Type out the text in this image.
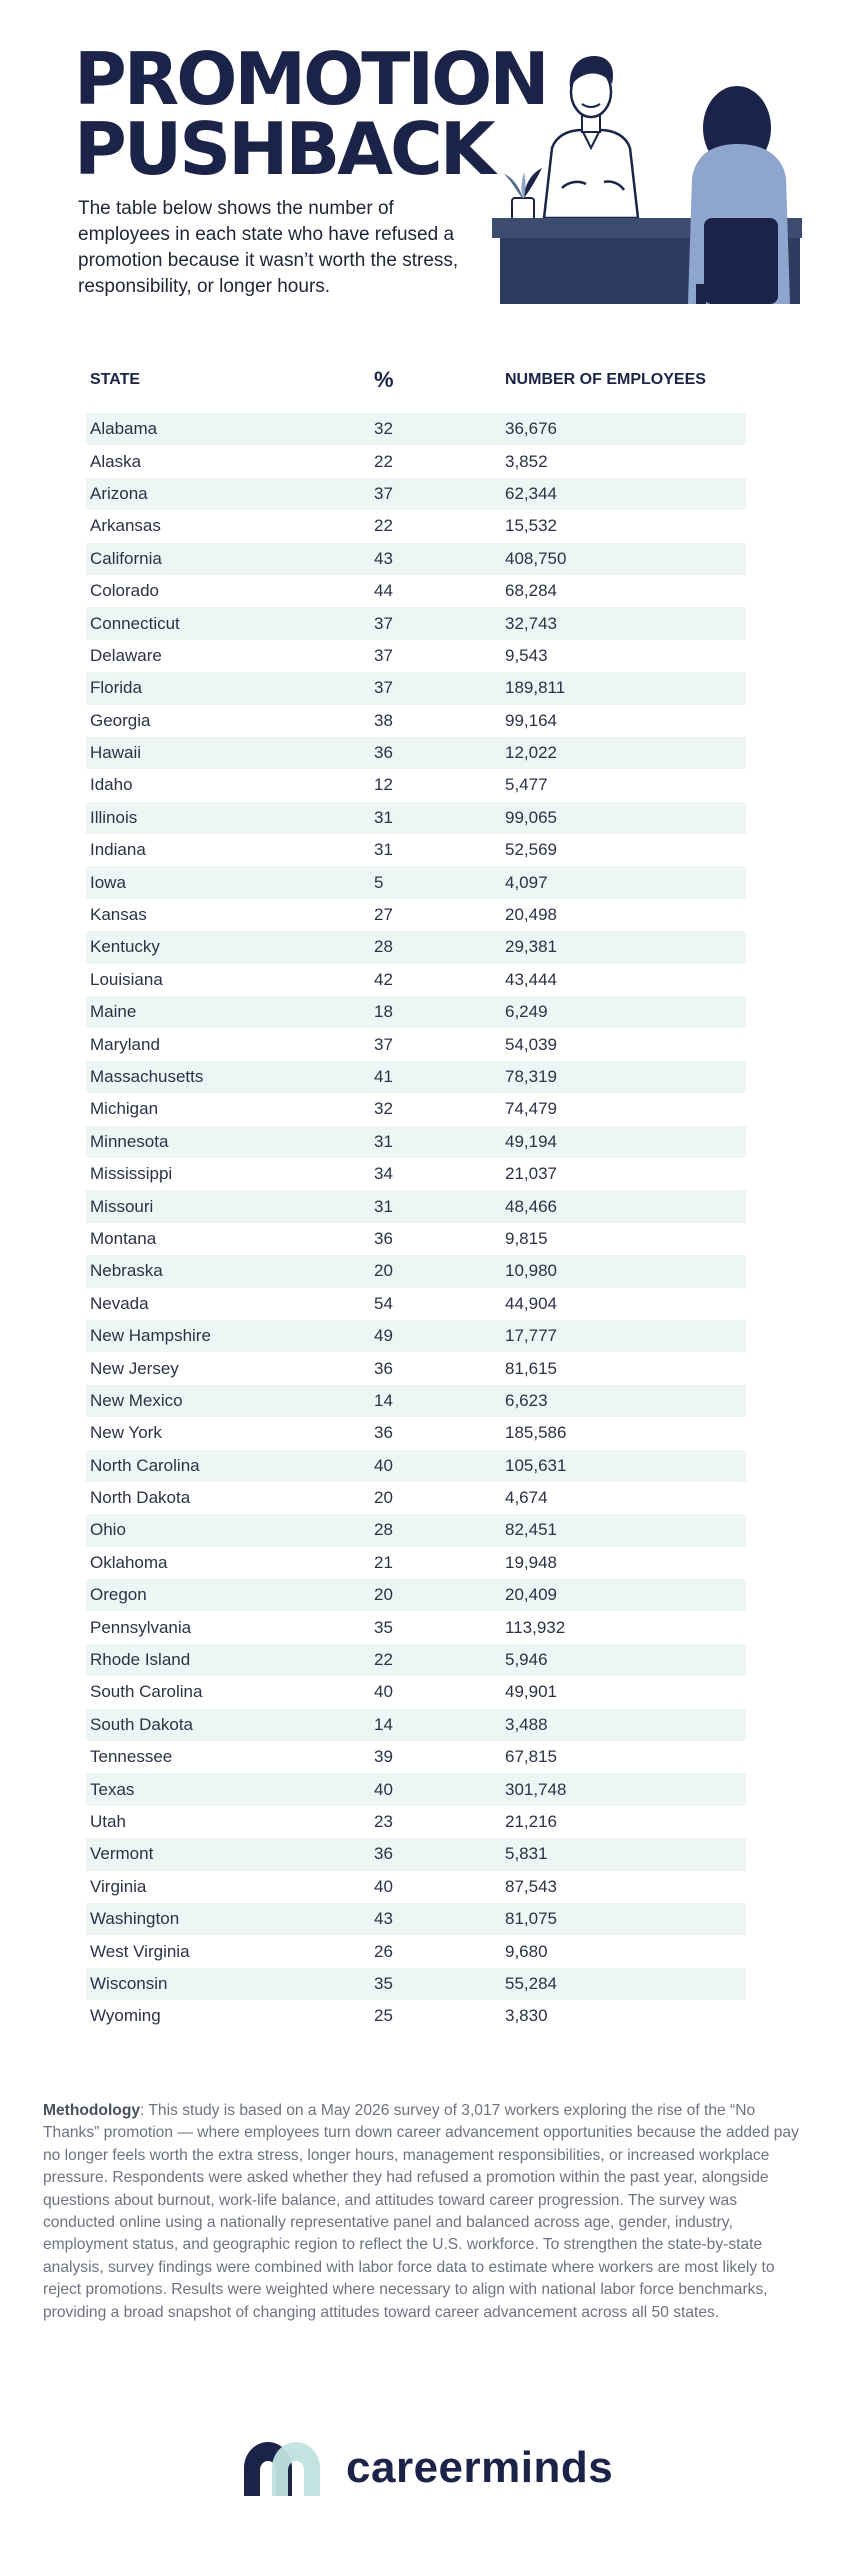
PROMOTION
PUSHBACK

The table below shows the number of employees in each state who have refused a promotion because it wasn’t worth the stress, responsibility, or longer hours.

STATE	%	NUMBER OF EMPLOYEES
Alabama	32	36,676
Alaska	22	3,852
Arizona	37	62,344
Arkansas	22	15,532
California	43	408,750
Colorado	44	68,284
Connecticut	37	32,743
Delaware	37	9,543
Florida	37	189,811
Georgia	38	99,164
Hawaii	36	12,022
Idaho	12	5,477
Illinois	31	99,065
Indiana	31	52,569
Iowa	5	4,097
Kansas	27	20,498
Kentucky	28	29,381
Louisiana	42	43,444
Maine	18	6,249
Maryland	37	54,039
Massachusetts	41	78,319
Michigan	32	74,479
Minnesota	31	49,194
Mississippi	34	21,037
Missouri	31	48,466
Montana	36	9,815
Nebraska	20	10,980
Nevada	54	44,904
New Hampshire	49	17,777
New Jersey	36	81,615
New Mexico	14	6,623
New York	36	185,586
North Carolina	40	105,631
North Dakota	20	4,674
Ohio	28	82,451
Oklahoma	21	19,948
Oregon	20	20,409
Pennsylvania	35	113,932
Rhode Island	22	5,946
South Carolina	40	49,901
South Dakota	14	3,488
Tennessee	39	67,815
Texas	40	301,748
Utah	23	21,216
Vermont	36	5,831
Virginia	40	87,543
Washington	43	81,075
West Virginia	26	9,680
Wisconsin	35	55,284
Wyoming	25	3,830

Methodology: This study is based on a May 2026 survey of 3,017 workers exploring the rise of the “No Thanks” promotion — where employees turn down career advancement opportunities because the added pay no longer feels worth the extra stress, longer hours, management responsibilities, or increased workplace pressure. Respondents were asked whether they had refused a promotion within the past year, alongside questions about burnout, work-life balance, and attitudes toward career progression. The survey was conducted online using a nationally representative panel and balanced across age, gender, industry, employment status, and geographic region to reflect the U.S. workforce. To strengthen the state-by-state analysis, survey findings were combined with labor force data to estimate where workers are most likely to reject promotions. Results were weighted where necessary to align with national labor force benchmarks, providing a broad snapshot of changing attitudes toward career advancement across all 50 states.

careerminds
